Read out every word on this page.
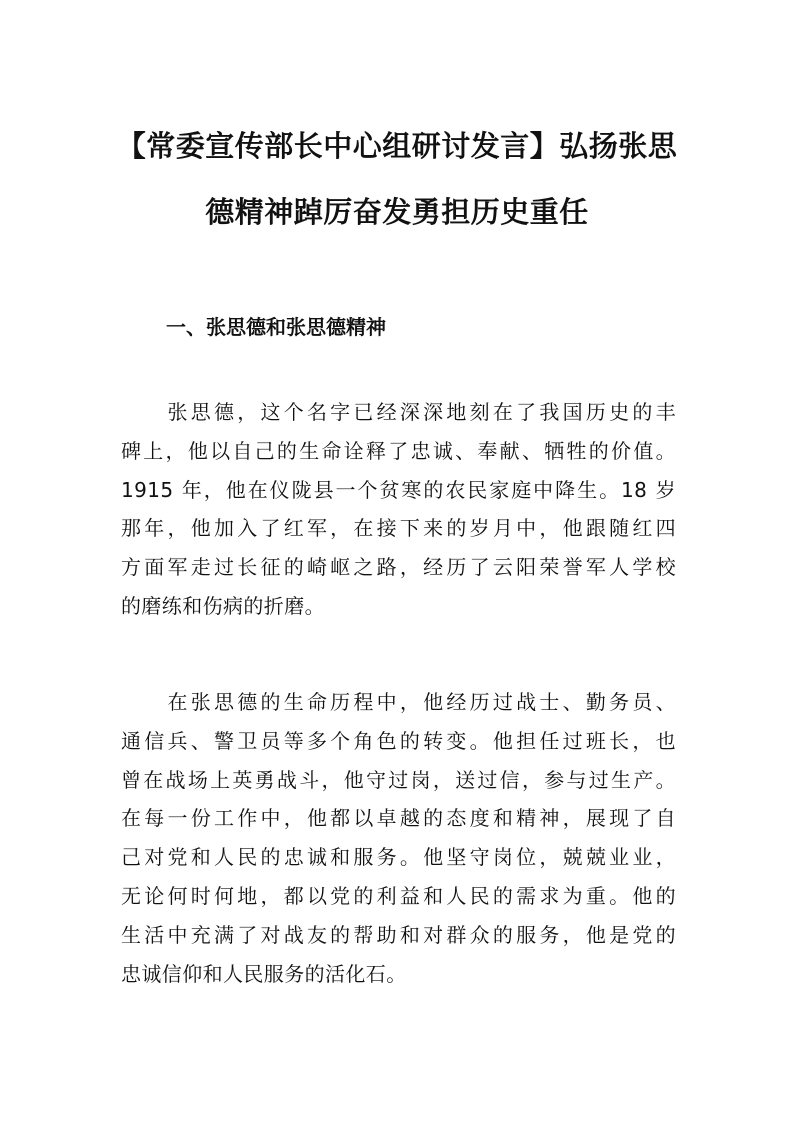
【常委宣传部长中心组研讨发言】弘扬张思
德精神踔厉奋发勇担历史重任
一、张思德和张思德精神

　　张思德，这个名字已经深深地刻在了我国历史的丰
碑上，他以自己的生命诠释了忠诚、奉献、牺牲的价值。
1915 年，他在仪陇县一个贫寒的农民家庭中降生。18 岁
那年，他加入了红军，在接下来的岁月中，他跟随红四
方面军走过长征的崎岖之路，经历了云阳荣誉军人学校
的磨练和伤病的折磨。

　　在张思德的生命历程中，他经历过战士、勤务员、
通信兵、警卫员等多个角色的转变。他担任过班长，也
曾在战场上英勇战斗，他守过岗，送过信，参与过生产。
在每一份工作中，他都以卓越的态度和精神，展现了自
己对党和人民的忠诚和服务。他坚守岗位，兢兢业业，
无论何时何地，都以党的利益和人民的需求为重。他的
生活中充满了对战友的帮助和对群众的服务，他是党的
忠诚信仰和人民服务的活化石。
